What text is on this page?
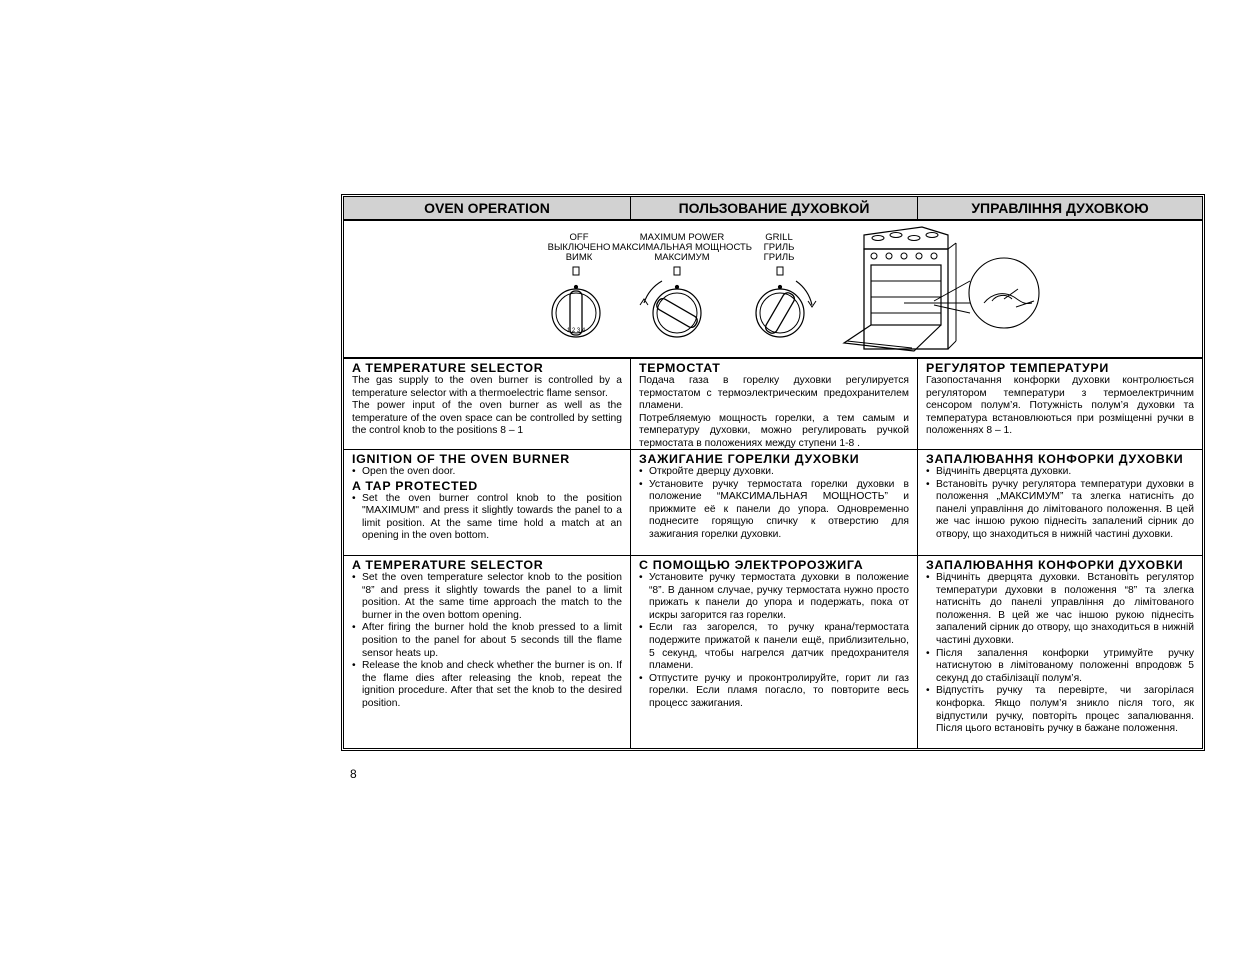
OVEN OPERATION	ПОЛЬЗОВАНИЕ ДУХОВКОЙ	УПРАВЛІННЯ ДУХОВКОЮ
OFF
ВЫКЛЮЧЕНО
ВИМК
MAXIMUM POWER
МАКСИМАЛЬНАЯ МОЩНОСТЬ
МАКСИМУМ
GRILL
ГРИЛЬ
ГРИЛЬ
1 2 3 4
A TEMPERATURE SELECTOR

The gas supply to the oven burner is controlled by a temperature selector with a thermoelectric flame sensor.

The power input of the oven burner as well as the temperature of the oven space can be controlled by setting the control knob to the positions 8 – 1

ТЕРМОСТАТ

Подача газа в горелку духовки регулируется термостатом с термоэлектрическим предохранителем пламени.

Потребляемую мощность горелки, а тем самым и температуру духовки, можно регулировать ручкой термостата в положениях между ступени 1-8 .

РЕГУЛЯТОР ТЕМПЕРАТУРИ

Газопостачання конфорки духовки контролюється регулятором температури з термоелектричним сенсором полум’я. Потужність полум’я духовки та температура встановлюються при розміщенні ручки в положеннях 8 – 1.

IGNITION OF THE OVEN BURNER
• Open the oven door.
A TAP PROTECTED
• Set the oven burner control knob to the position "MAXIMUM" and press it slightly towards the panel to a limit position. At the same time hold a match at an opening in the oven bottom.
ЗАЖИГАНИЕ ГОРЕЛКИ ДУХОВКИ
• Откройте дверцу духовки.
• Установите ручку термостата горелки духовки в положение “МАКСИМАЛЬНАЯ МОЩНОСТЬ” и прижмите её к панели до упора. Одновременно поднесите горящую спичку к отверстию для зажигания горелки духовки.
ЗАПАЛЮВАННЯ КОНФОРКИ ДУХОВКИ
• Відчиніть дверцята духовки.
• Встановіть ручку регулятора температури духовки в положення „МАКСИМУМ” та злегка натисніть до панелі управління до лімітованого положення. В цей же час іншою рукою піднесіть запалений сірник до отвору, що знаходиться в нижній частині духовки.
A TEMPERATURE SELECTOR
• Set the oven temperature selector knob to the position “8” and press it slightly towards the panel to a limit position. At the same time approach the match to the burner in the oven bottom opening.
• After firing the burner hold the knob pressed to a limit position to the panel for about 5 seconds till the flame sensor heats up.
• Release the knob and check whether the burner is on. If the flame dies after releasing the knob, repeat the ignition procedure. After that set the knob to the desired position.
С ПОМОЩЬЮ ЭЛЕКТРОРОЗЖИГА
• Установите ручку термостата духовки в положение “8”. В данном случае, ручку термостата нужно просто прижать к панели до упора и подержать, пока от искры загорится газ горелки.
• Если газ загорелся, то ручку крана/термостата подержите прижатой к панели ещё, приблизительно, 5 секунд, чтобы нагрелся датчик предохранителя пламени.
• Отпустите ручку и проконтролируйте, горит ли газ горелки. Если пламя погасло, то повторите весь процесс зажигания.
ЗАПАЛЮВАННЯ КОНФОРКИ ДУХОВКИ
• Відчиніть дверцята духовки. Встановіть регулятор температури духовки в положення “8” та злегка натисніть до панелі управління до лімітованого положення. В цей же час іншою рукою піднесіть запалений сірник до отвору, що знаходиться в нижній частині духовки.
• Після запалення конфорки утримуйте ручку натиснутою в лімітованому положенні впродовж 5 секунд до стабілізації полум’я.
• Відпустіть ручку та перевірте, чи загорілася конфорка. Якщо полум’я зникло після того, як відпустили ручку, повторіть процес запалювання. Після цього встановіть ручку в бажане положення.
8
